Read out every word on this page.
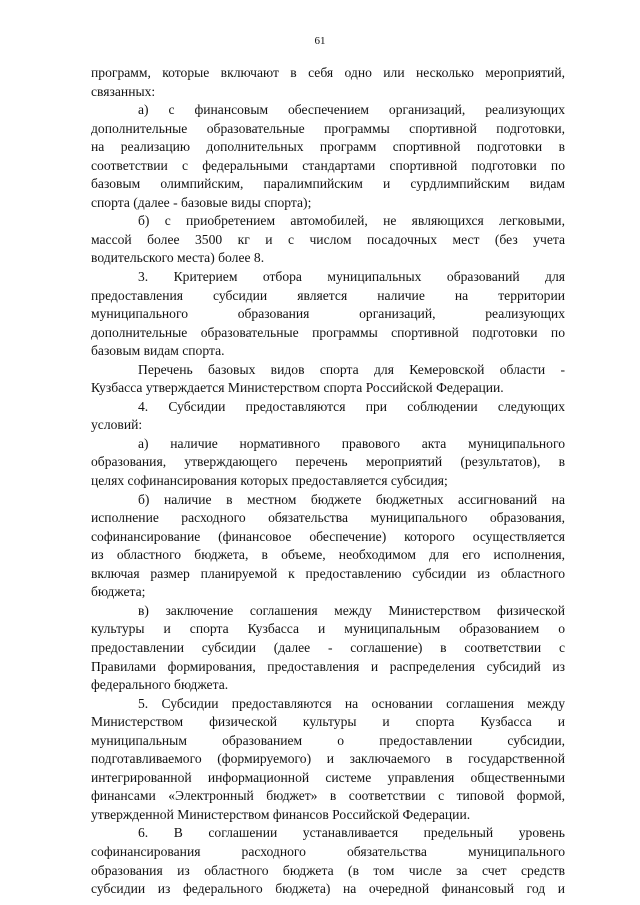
61
программ, которые включают в себя одно или несколько мероприятий,
связанных:
а) с финансовым обеспечением организаций, реализующих
дополнительные образовательные программы спортивной подготовки,
на реализацию дополнительных программ спортивной подготовки в
соответствии с федеральными стандартами спортивной подготовки по
базовым олимпийским, паралимпийским и сурдлимпийским видам
спорта (далее - базовые виды спорта);
б) с приобретением автомобилей, не являющихся легковыми,
массой более 3500 кг и с числом посадочных мест (без учета
водительского места) более 8.
3. Критерием отбора муниципальных образований для
предоставления субсидии является наличие на территории
муниципального образования организаций, реализующих
дополнительные образовательные программы спортивной подготовки по
базовым видам спорта.
Перечень базовых видов спорта для Кемеровской области -
Кузбасса утверждается Министерством спорта Российской Федерации.
4. Субсидии предоставляются при соблюдении следующих
условий:
а) наличие нормативного правового акта муниципального
образования, утверждающего перечень мероприятий (результатов), в
целях софинансирования которых предоставляется субсидия;
б) наличие в местном бюджете бюджетных ассигнований на
исполнение расходного обязательства муниципального образования,
софинансирование (финансовое обеспечение) которого осуществляется
из областного бюджета, в объеме, необходимом для его исполнения,
включая размер планируемой к предоставлению субсидии из областного
бюджета;
в) заключение соглашения между Министерством физической
культуры и спорта Кузбасса и муниципальным образованием о
предоставлении субсидии (далее - соглашение) в соответствии с
Правилами формирования, предоставления и распределения субсидий из
федерального бюджета.
5. Субсидии предоставляются на основании соглашения между
Министерством физической культуры и спорта Кузбасса и
муниципальным образованием о предоставлении субсидии,
подготавливаемого (формируемого) и заключаемого в государственной
интегрированной информационной системе управления общественными
финансами «Электронный бюджет» в соответствии с типовой формой,
утвержденной Министерством финансов Российской Федерации.
6. В соглашении устанавливается предельный уровень
софинансирования расходного обязательства муниципального
образования из областного бюджета (в том числе за счет средств
субсидии из федерального бюджета) на очередной финансовый год и
